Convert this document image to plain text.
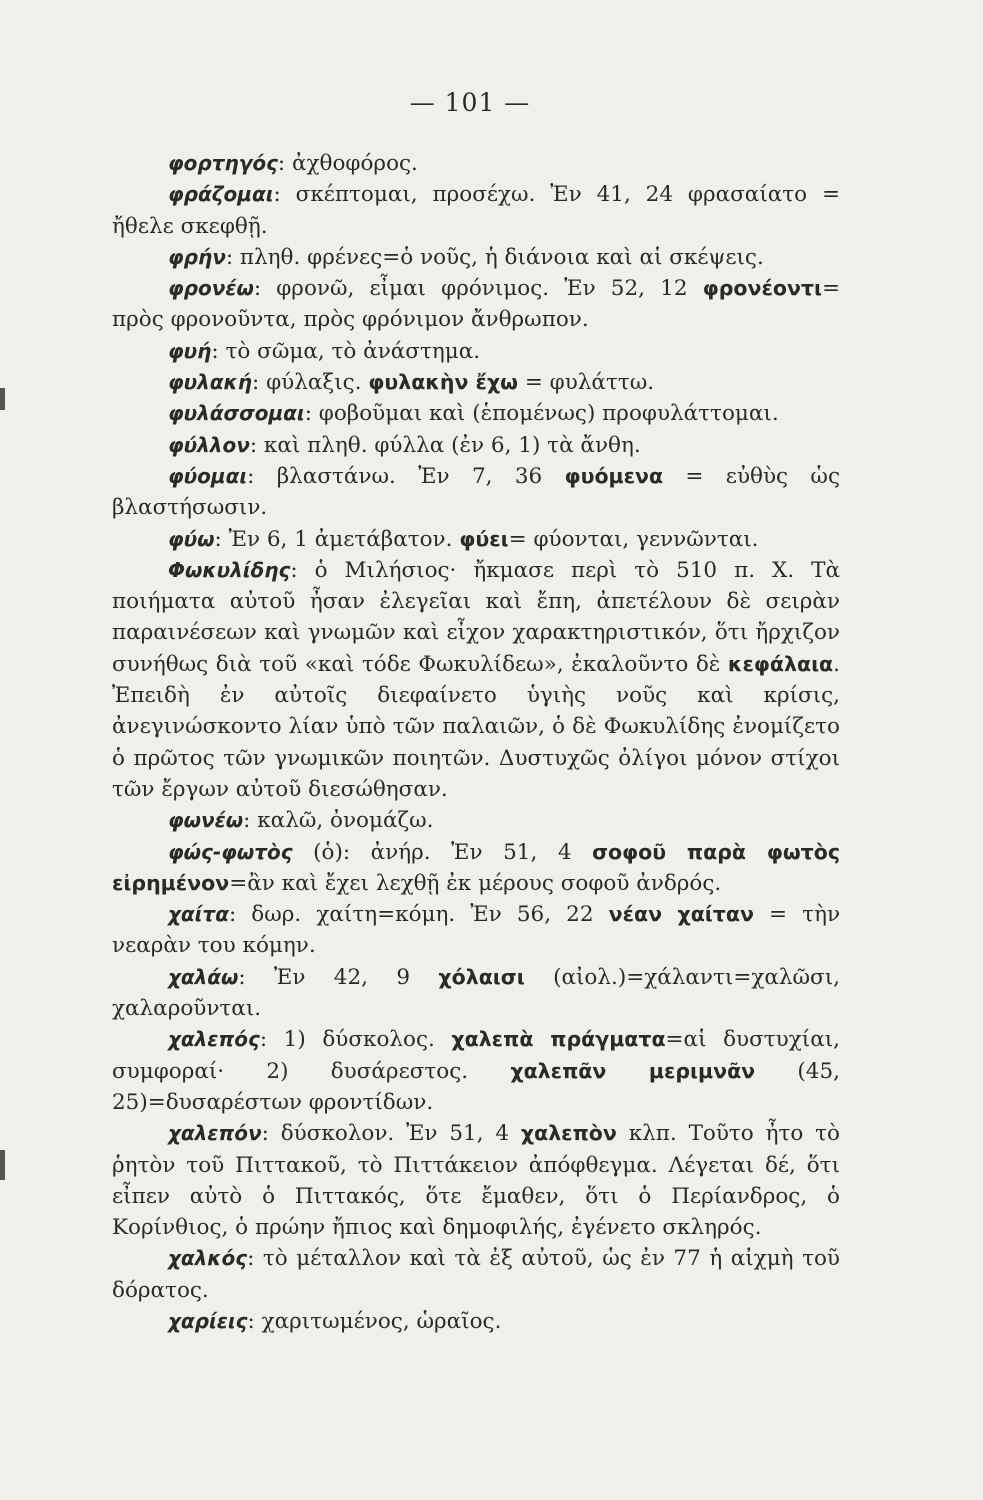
— 101 —

φορτηγός: ἀχθοφόρος.

φράζομαι: σκέπτομαι, προσέχω. Ἐν 41, 24 φρασαίατο = ἤθελε σκεφθῇ.

φρήν: πληθ. φρένες=ὁ νοῦς, ἡ διάνοια καὶ αἱ σκέψεις.

φρονέω: φρονῶ, εἶμαι φρόνιμος. Ἐν 52, 12 φρονέοντι= πρὸς φρονοῦντα, πρὸς φρόνιμον ἄνθρωπον.

φυή: τὸ σῶμα, τὸ ἀνάστημα.

φυλακή: φύλαξις. φυλακὴν ἔχω = φυλάττω.

φυλάσσομαι: φοβοῦμαι καὶ (ἑπομένως) προφυλάττομαι.

φύλλον: καὶ πληθ. φύλλα (ἐν 6, 1) τὰ ἄνθη.

φύομαι: βλαστάνω. Ἐν 7, 36 φυόμενα = εὐθὺς ὡς βλαστήσωσιν.

φύω: Ἐν 6, 1 ἀμετάβατον. φύει= φύονται, γεννῶνται.

Φωκυλίδης: ὁ Μιλήσιος· ἤκμασε περὶ τὸ 510 π. Χ. Τὰ ποιήματα αὐτοῦ ἦσαν ἐλεγεῖαι καὶ ἔπη, ἀπετέλουν δὲ σειρὰν παραινέσεων καὶ γνωμῶν καὶ εἶχον χαρακτηριστικόν, ὅτι ἤρχιζον συνήθως διὰ τοῦ «καὶ τόδε Φωκυλίδεω», ἐκαλοῦντο δὲ κεφάλαια. Ἐπειδὴ ἐν αὐτοῖς διεφαίνετο ὑγιὴς νοῦς καὶ κρίσις, ἀνεγινώσκοντο λίαν ὑπὸ τῶν παλαιῶν, ὁ δὲ Φωκυλίδης ἐνομίζετο ὁ πρῶτος τῶν γνωμικῶν ποιητῶν. Δυστυχῶς ὀλίγοι μόνον στίχοι τῶν ἔργων αὐτοῦ διεσώθησαν.

φωνέω: καλῶ, ὀνομάζω.

φώς-φωτὸς (ὁ): ἀνήρ. Ἐν 51, 4 σοφοῦ παρὰ φωτὸς εἰρημένον=ἂν καὶ ἔχει λεχθῇ ἐκ μέρους σοφοῦ ἀνδρός.

χαίτα: δωρ. χαίτη=κόμη. Ἐν 56, 22 νέαν χαίταν = τὴν νεαρὰν του κόμην.

χαλάω: Ἐν 42, 9 χόλαισι (αἰολ.)=χάλαντι=χαλῶσι, χαλαροῦνται.

χαλεπός: 1) δύσκολος. χαλεπὰ πράγματα=αἱ δυστυχίαι, συμφοραί· 2) δυσάρεστος. χαλεπᾶν μεριμνᾶν (45, 25)=δυσαρέστων φροντίδων.

χαλεπόν: δύσκολον. Ἐν 51, 4 χαλεπὸν κλπ. Τοῦτο ἦτο τὸ ῥητὸν τοῦ Πιττακοῦ, τὸ Πιττάκειον ἀπόφθεγμα. Λέγεται δέ, ὅτι εἶπεν αὐτὸ ὁ Πιττακός, ὅτε ἔμαθεν, ὅτι ὁ Περίανδρος, ὁ Κορίνθιος, ὁ πρώην ἤπιος καὶ δημοφιλής, ἐγένετο σκληρός.

χαλκός: τὸ μέταλλον καὶ τὰ ἐξ αὐτοῦ, ὡς ἐν 77 ἡ αἰχμὴ τοῦ δόρατος.

χαρίεις: χαριτωμένος, ὡραῖος.
